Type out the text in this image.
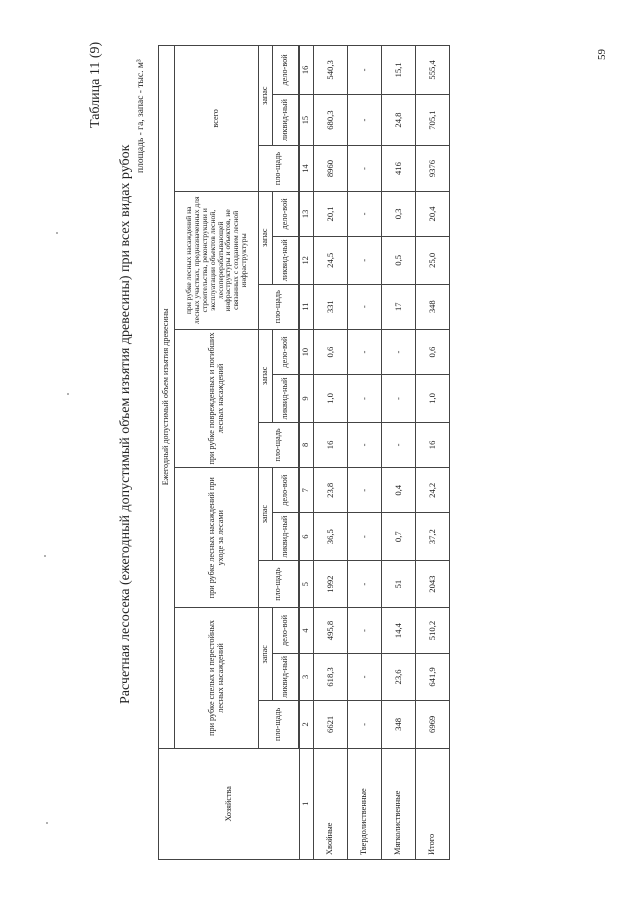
Таблица 11 (9)
Расчетная лесосека (ежегодный допустимый объем изъятия древесины) при всех видах рубок
площадь - га, запас - тыс. м³
59
Хозяйства	Ежегодный допустимый объем изъятия древесины														
	при рубке спелых и перестойных лесных насаждений			при рубке лесных насаждений при уходе за лесами			при рубке поврежденных и погибших лесных насаждений			при рубке лесных насаждений на лесных участках, предназначенных для строительства, реконструкции и эксплуатации объектов лесной, лесоперерабатывающей инфраструктуры и объектов, не связанных с созданием лесной инфраструктуры			всего		
	пло-щадь	запас		пло-щадь	запас		пло-щадь	запас		пло-щадь	запас		пло-щадь	запас	
		ликвид-ный	дело-вой		ликвид-ный	дело-вой		ликвид-ный	дело-вой		ликвид-ный	дело-вой		ликвид-ный	дело-вой

1	2	3	4	5	6	7	8	9	10	11	12	13	14	15	16
Хвойные	6621	618,3	495,8	1992	36,5	23,8	16	1,0	0,6	331	24,5	20,1	8960	680,3	540,3
Твердолиственные	-	-	-	-	-	-	-	-	-	-	-	-	-	-	-
Мягколиственные	348	23,6	14,4	51	0,7	0,4	-	-	-	17	0,5	0,3	416	24,8	15,1
Итого	6969	641,9	510,2	2043	37,2	24,2	16	1,0	0,6	348	25,0	20,4	9376	705,1	555,4
